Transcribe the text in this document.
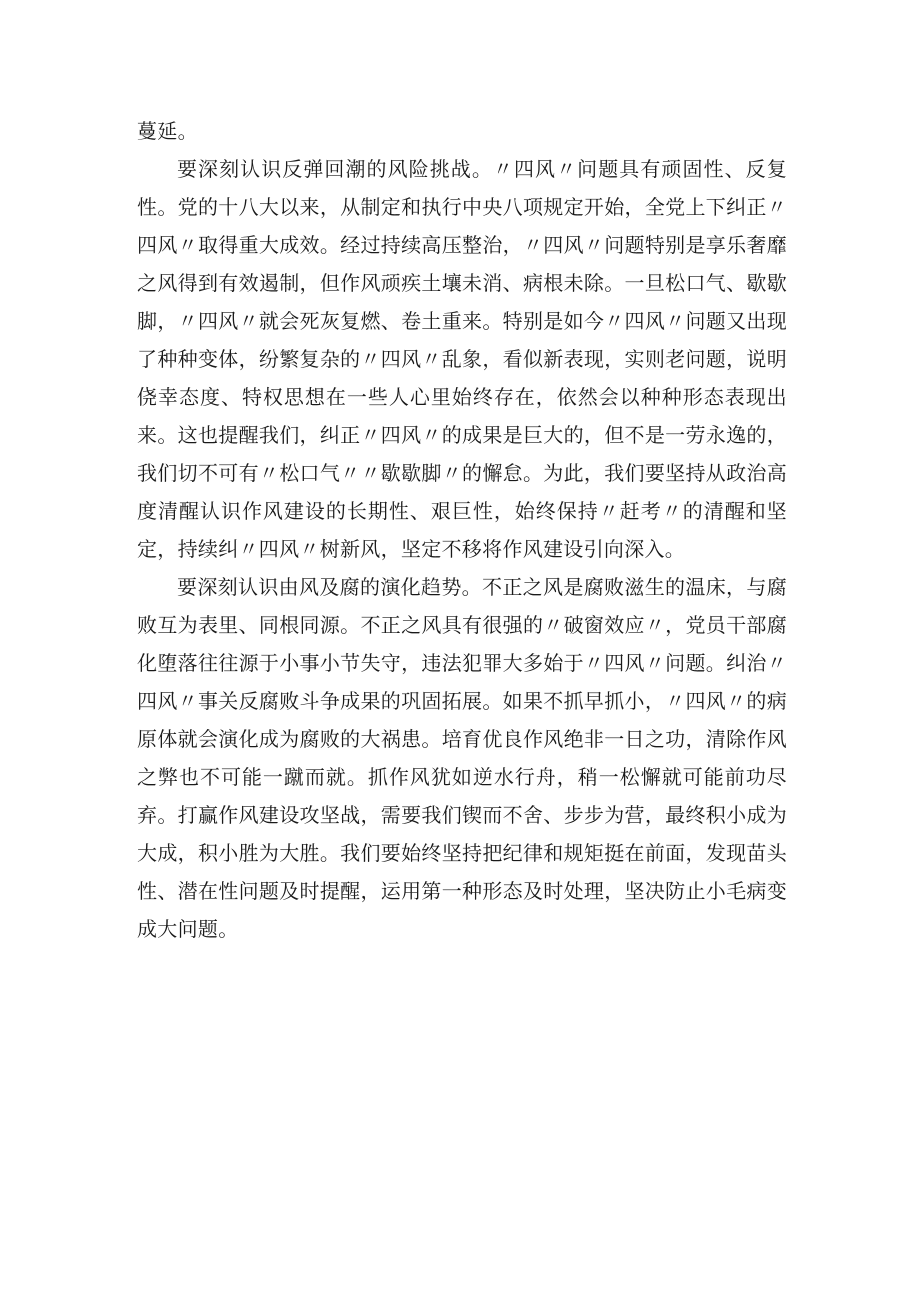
蔓延。

要深刻认识反弹回潮的风险挑战。〃四风〃问题具有顽固性、反复性。党的十八大以来，从制定和执行中央八项规定开始，全党上下纠正〃四风〃取得重大成效。经过持续高压整治，〃四风〃问题特别是享乐奢靡之风得到有效遏制，但作风顽疾土壤未消、病根未除。一旦松口气、歇歇脚，〃四风〃就会死灰复燃、卷土重来。特别是如今〃四风〃问题又出现了种种变体，纷繁复杂的〃四风〃乱象，看似新表现，实则老问题，说明侥幸态度、特权思想在一些人心里始终存在，依然会以种种形态表现出来。这也提醒我们，纠正〃四风〃的成果是巨大的，但不是一劳永逸的，我们切不可有〃松口气〃〃歇歇脚〃的懈怠。为此，我们要坚持从政治高度清醒认识作风建设的长期性、艰巨性，始终保持〃赶考〃的清醒和坚定，持续纠〃四风〃树新风，坚定不移将作风建设引向深入。

要深刻认识由风及腐的演化趋势。不正之风是腐败滋生的温床，与腐败互为表里、同根同源。不正之风具有很强的〃破窗效应〃，党员干部腐化堕落往往源于小事小节失守，违法犯罪大多始于〃四风〃问题。纠治〃四风〃事关反腐败斗争成果的巩固拓展。如果不抓早抓小，〃四风〃的病原体就会演化成为腐败的大祸患。培育优良作风绝非一日之功，清除作风之弊也不可能一蹴而就。抓作风犹如逆水行舟，稍一松懈就可能前功尽弃。打赢作风建设攻坚战，需要我们锲而不舍、步步为营，最终积小成为大成，积小胜为大胜。我们要始终坚持把纪律和规矩挺在前面，发现苗头性、潜在性问题及时提醒，运用第一种形态及时处理，坚决防止小毛病变成大问题。
